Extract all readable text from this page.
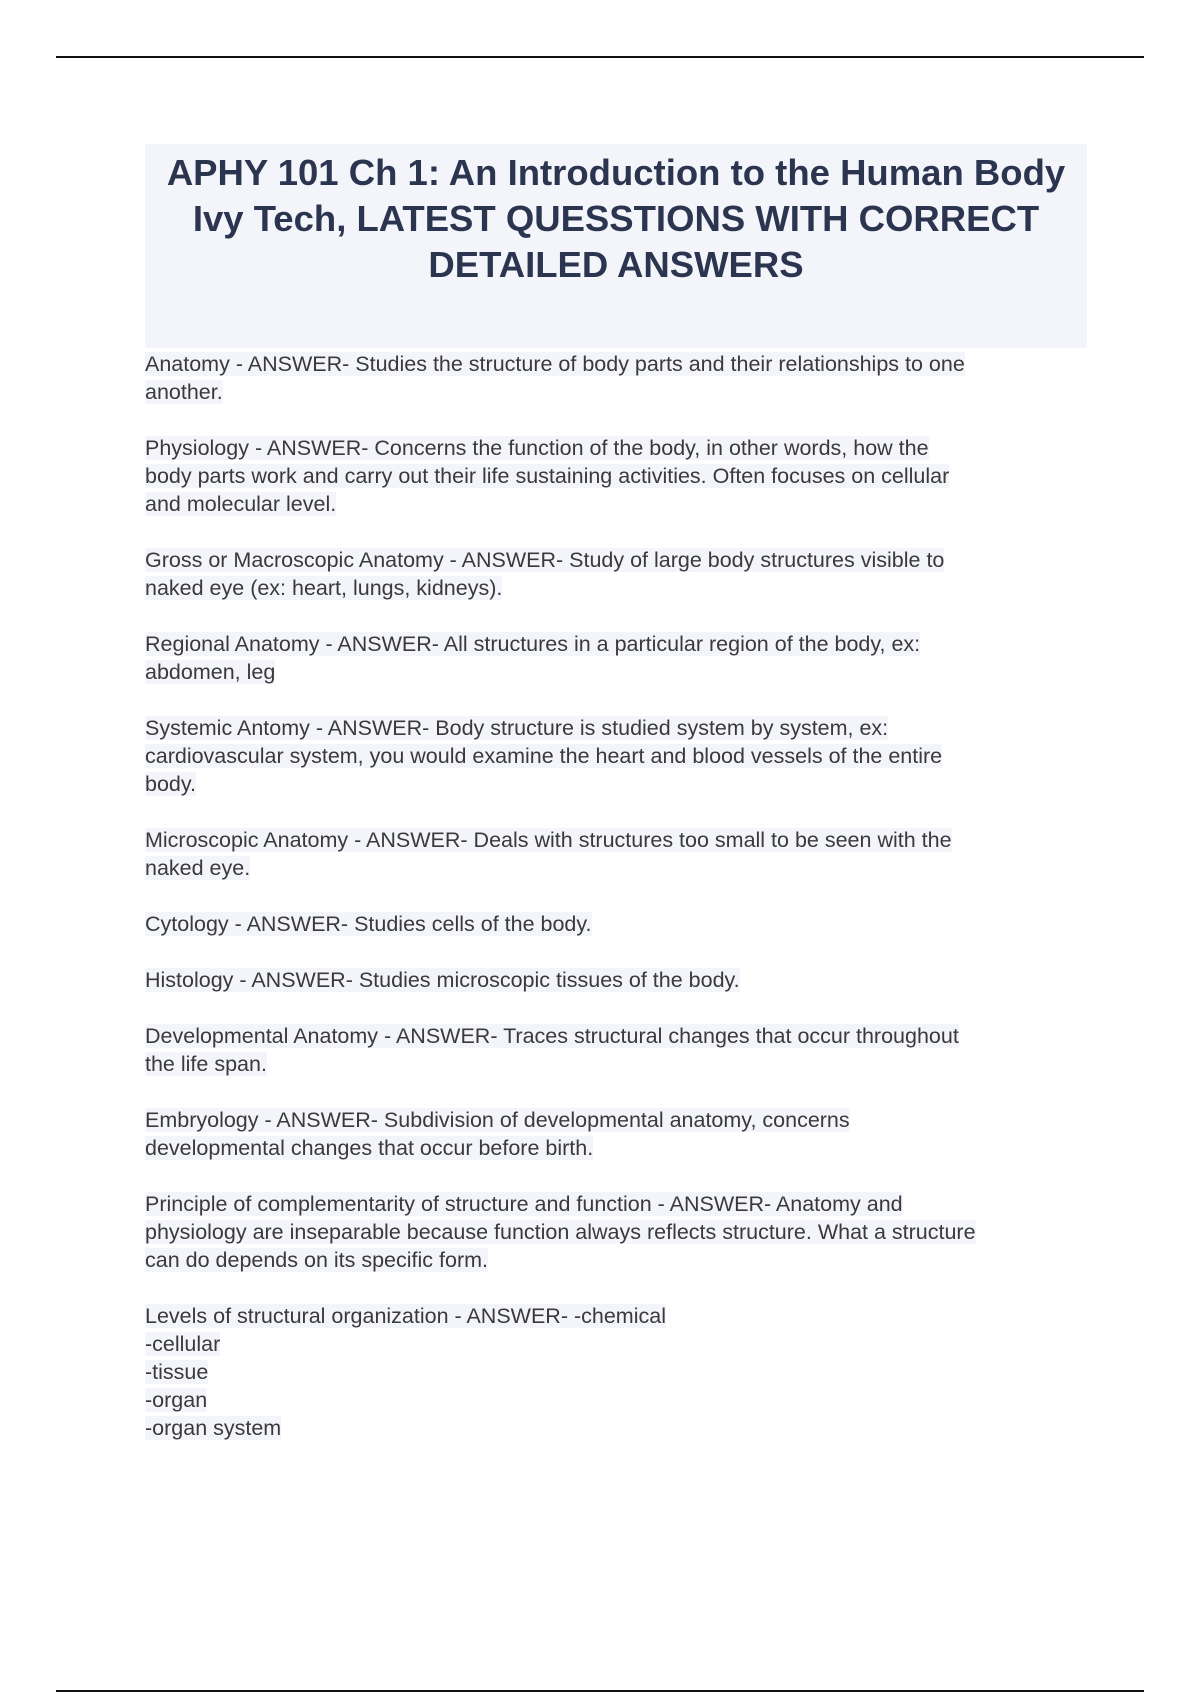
APHY 101 Ch 1: An Introduction to the Human Body Ivy Tech, LATEST QUESSTIONS WITH CORRECT DETAILED ANSWERS

Anatomy - ANSWER- Studies the structure of body parts and their relationships to one
another.

Physiology - ANSWER- Concerns the function of the body, in other words, how the
body parts work and carry out their life sustaining activities. Often focuses on cellular
and molecular level.

Gross or Macroscopic Anatomy - ANSWER- Study of large body structures visible to
naked eye (ex: heart, lungs, kidneys).

Regional Anatomy - ANSWER- All structures in a particular region of the body, ex:
abdomen, leg

Systemic Antomy - ANSWER- Body structure is studied system by system, ex:
cardiovascular system, you would examine the heart and blood vessels of the entire
body.

Microscopic Anatomy - ANSWER- Deals with structures too small to be seen with the
naked eye.

Cytology - ANSWER- Studies cells of the body.

Histology - ANSWER- Studies microscopic tissues of the body.

Developmental Anatomy - ANSWER- Traces structural changes that occur throughout
the life span.

Embryology - ANSWER- Subdivision of developmental anatomy, concerns
developmental changes that occur before birth.

Principle of complementarity of structure and function - ANSWER- Anatomy and
physiology are inseparable because function always reflects structure. What a structure
can do depends on its specific form.

Levels of structural organization - ANSWER- -chemical
-cellular
-tissue
-organ
-organ system
